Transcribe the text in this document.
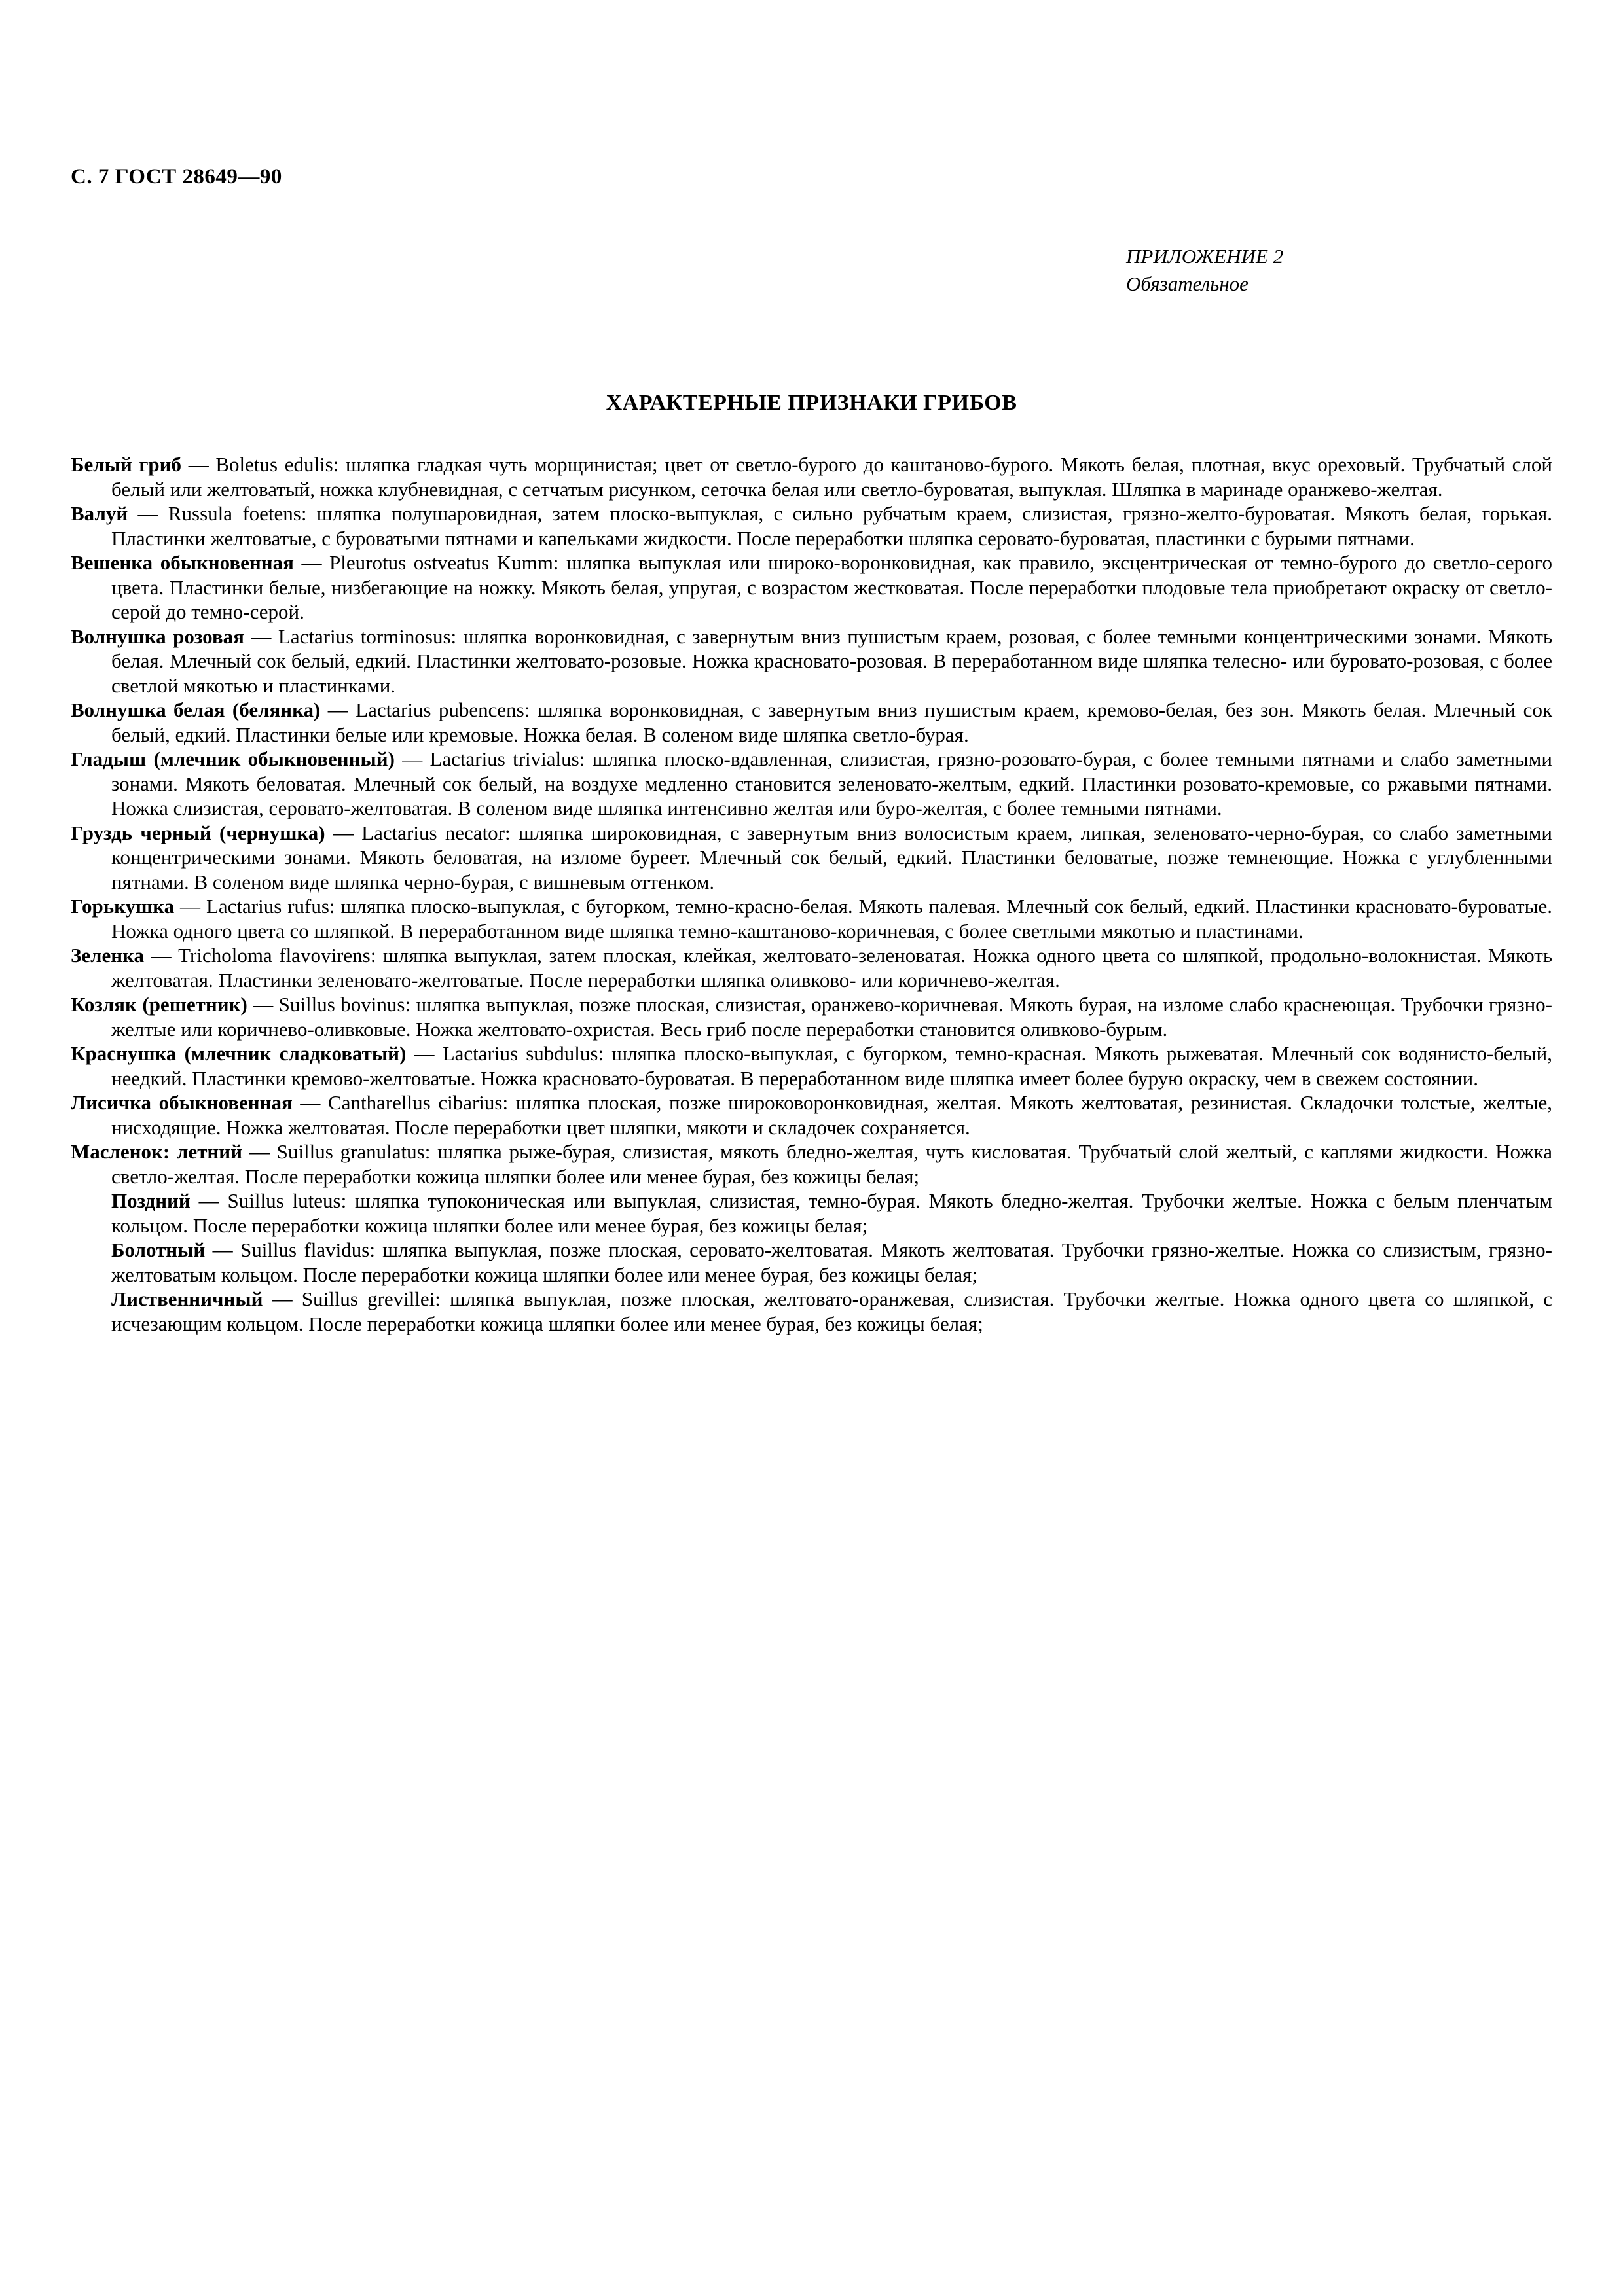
С. 7 ГОСТ 28649—90
ПРИЛОЖЕНИЕ 2
Обязательное
ХАРАКТЕРНЫЕ ПРИЗНАКИ ГРИБОВ

Белый гриб — Boletus edulis: шляпка гладкая чуть морщинистая; цвет от светло-бурого до каштаново-бурого. Мякоть белая, плотная, вкус ореховый. Трубчатый слой белый или желтоватый, ножка клубневидная, с сетчатым рисунком, сеточка белая или светло-буроватая, выпуклая. Шляпка в маринаде оранжево-желтая.

Валуй — Russula foetens: шляпка полушаровидная, затем плоско-выпуклая, с сильно рубчатым краем, слизистая, грязно-желто-буроватая. Мякоть белая, горькая. Пластинки желтоватые, с буроватыми пятнами и капельками жидкости. После переработки шляпка серовато-буроватая, пластинки с бурыми пятнами.

Вешенка обыкновенная — Pleurotus ostveatus Kumm: шляпка выпуклая или широко-воронковидная, как правило, эксцентрическая от темно-бурого до светло-серого цвета. Пластинки белые, низбегающие на ножку. Мякоть белая, упругая, с возрастом жестковатая. После переработки плодовые тела приобретают окраску от светло-серой до темно-серой.

Волнушка розовая — Lactarius torminosus: шляпка воронковидная, с завернутым вниз пушистым краем, розовая, с более темными концентрическими зонами. Мякоть белая. Млечный сок белый, едкий. Пластинки желтовато-розовые. Ножка красновато-розовая. В переработанном виде шляпка телесно- или буровато-розовая, с более светлой мякотью и пластинками.

Волнушка белая (белянка) — Lactarius pubencens: шляпка воронковидная, с завернутым вниз пушистым краем, кремово-белая, без зон. Мякоть белая. Млечный сок белый, едкий. Пластинки белые или кремовые. Ножка белая. В соленом виде шляпка светло-бурая.

Гладыш (млечник обыкновенный) — Lactarius trivialus: шляпка плоско-вдавленная, слизистая, грязно-розовато-бурая, с более темными пятнами и слабо заметными зонами. Мякоть беловатая. Млечный сок белый, на воздухе медленно становится зеленовато-желтым, едкий. Пластинки розовато-кремовые, со ржавыми пятнами. Ножка слизистая, серовато-желтоватая. В соленом виде шляпка интенсивно желтая или буро-желтая, с более темными пятнами.

Груздь черный (чернушка) — Lactarius necator: шляпка широковидная, с завернутым вниз волосистым краем, липкая, зеленовато-черно-бурая, со слабо заметными концентрическими зонами. Мякоть беловатая, на изломе буреет. Млечный сок белый, едкий. Пластинки беловатые, позже темнеющие. Ножка с углубленными пятнами. В соленом виде шляпка черно-бурая, с вишневым оттенком.

Горькушка — Lactarius rufus: шляпка плоско-выпуклая, с бугорком, темно-красно-белая. Мякоть палевая. Млечный сок белый, едкий. Пластинки красновато-буроватые. Ножка одного цвета со шляпкой. В переработанном виде шляпка темно-каштаново-коричневая, с более светлыми мякотью и пластинами.

Зеленка — Tricholoma flavovirens: шляпка выпуклая, затем плоская, клейкая, желтовато-зеленоватая. Ножка одного цвета со шляпкой, продольно-волокнистая. Мякоть желтоватая. Пластинки зеленовато-желтоватые. После переработки шляпка оливково- или коричнево-желтая.

Козляк (решетник) — Suillus bovinus: шляпка выпуклая, позже плоская, слизистая, оранжево-коричневая. Мякоть бурая, на изломе слабо краснеющая. Трубочки грязно-желтые или коричнево-оливковые. Ножка желтовато-охристая. Весь гриб после переработки становится оливково-бурым.

Краснушка (млечник сладковатый) — Lactarius subdulus: шляпка плоско-выпуклая, с бугорком, темно-красная. Мякоть рыжеватая. Млечный сок водянисто-белый, неедкий. Пластинки кремово-желтоватые. Ножка красновато-буроватая. В переработанном виде шляпка имеет более бурую окраску, чем в свежем состоянии.

Лисичка обыкновенная — Cantharellus cibarius: шляпка плоская, позже широковоронковидная, желтая. Мякоть желтоватая, резинистая. Складочки толстые, желтые, нисходящие. Ножка желтоватая. После переработки цвет шляпки, мякоти и складочек сохраняется.

Масленок: летний — Suillus granulatus: шляпка рыже-бурая, слизистая, мякоть бледно-желтая, чуть кисловатая. Трубчатый слой желтый, с каплями жидкости. Ножка светло-желтая. После переработки кожица шляпки более или менее бурая, без кожицы белая;

Поздний — Suillus luteus: шляпка тупоконическая или выпуклая, слизистая, темно-бурая. Мякоть бледно-желтая. Трубочки желтые. Ножка с белым пленчатым кольцом. После переработки кожица шляпки более или менее бурая, без кожицы белая;

Болотный — Suillus flavidus: шляпка выпуклая, позже плоская, серовато-желтоватая. Мякоть желтоватая. Трубочки грязно-желтые. Ножка со слизистым, грязно-желтоватым кольцом. После переработки кожица шляпки более или менее бурая, без кожицы белая;

Лиственничный — Suillus grevillei: шляпка выпуклая, позже плоская, желтовато-оранжевая, слизистая. Трубочки желтые. Ножка одного цвета со шляпкой, с исчезающим кольцом. После переработки кожица шляпки более или менее бурая, без кожицы белая;
